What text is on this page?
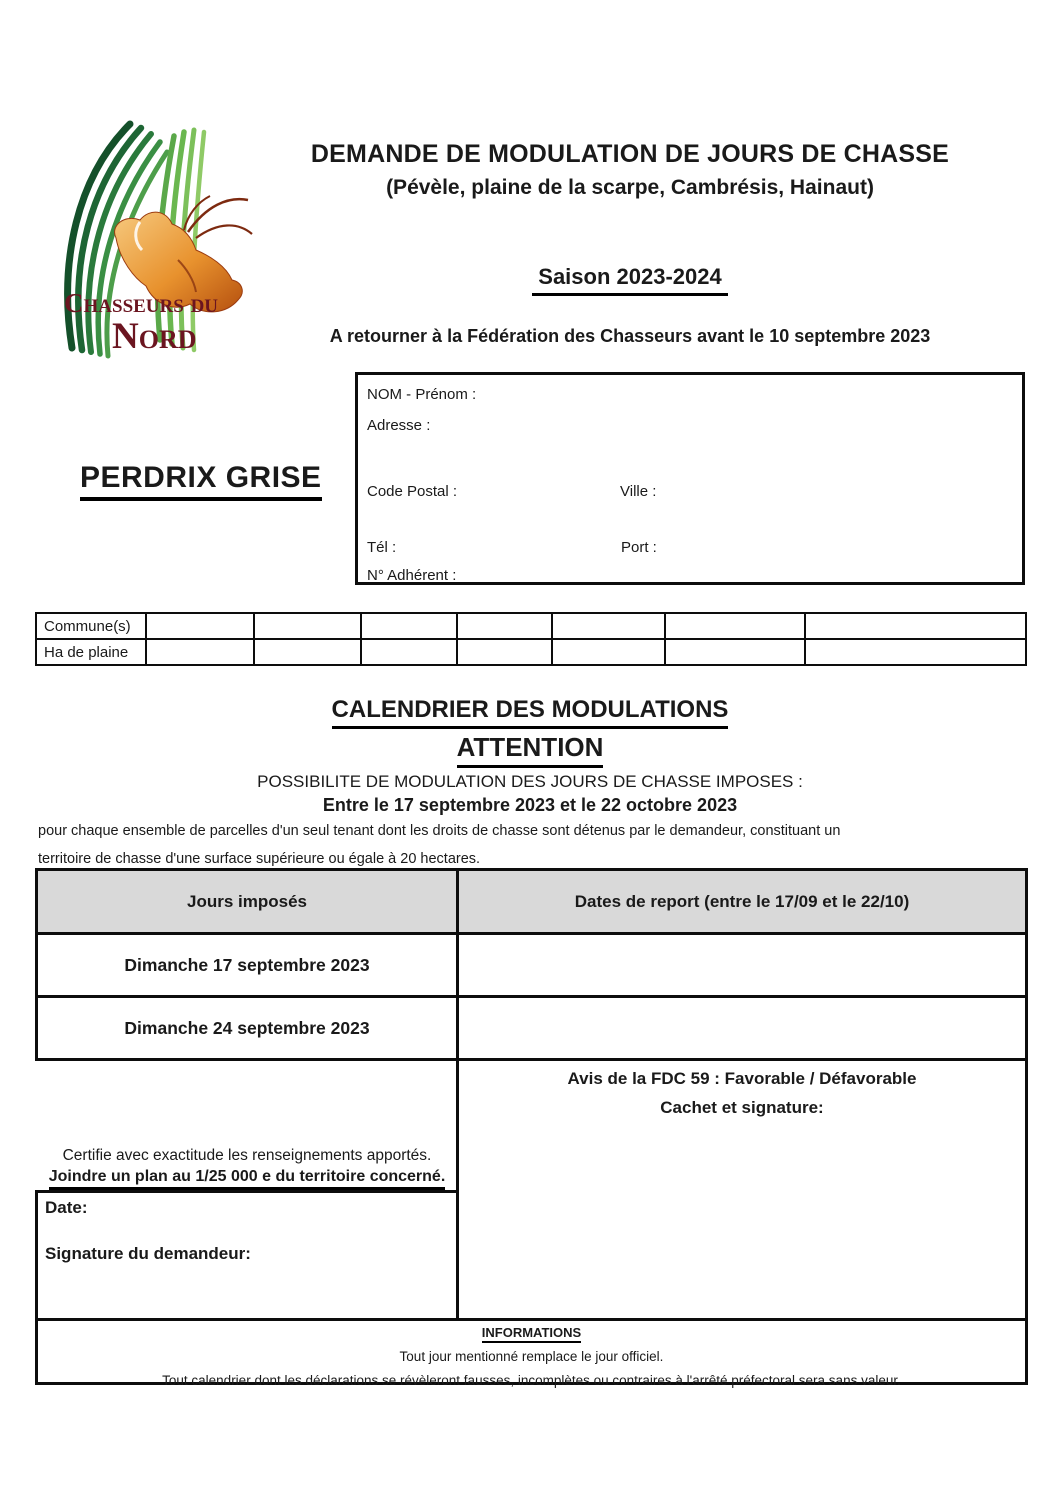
Chasseurs du
Nord
DEMANDE DE MODULATION DE JOURS DE CHASSE
(Pévèle, plaine de la scarpe, Cambrésis, Hainaut)
Saison 2023-2024
A retourner à la Fédération des Chasseurs avant le 10 septembre 2023
NOM - Prénom :
Adresse :
Code Postal :	Ville :
Tél :	Port :
N° Adhérent :
PERDRIX GRISE
Commune(s)							
Ha de plaine							
CALENDRIER DES MODULATIONS
ATTENTION
POSSIBILITE DE MODULATION DES JOURS DE CHASSE IMPOSES :
Entre le 17 septembre 2023 et le 22 octobre 2023
pour chaque ensemble de parcelles d'un seul tenant dont les droits de chasse sont détenus par le demandeur, constituant un
territoire de chasse d'une surface supérieure ou égale à 20 hectares.
Jours imposés	Dates de report (entre le 17/09 et le 22/10)
Dimanche 17 septembre 2023
Dimanche 24 septembre 2023
Certifie avec exactitude les renseignements apportés.
Joindre un plan au 1/25 000 e du territoire concerné.
Avis de la FDC 59 : Favorable / Défavorable
Cachet et signature:
Date:
Signature du demandeur:
INFORMATIONS
Tout jour mentionné remplace le jour officiel.
Tout calendrier dont les déclarations se révèleront fausses, incomplètes ou contraires à l'arrêté préfectoral sera sans valeur.
